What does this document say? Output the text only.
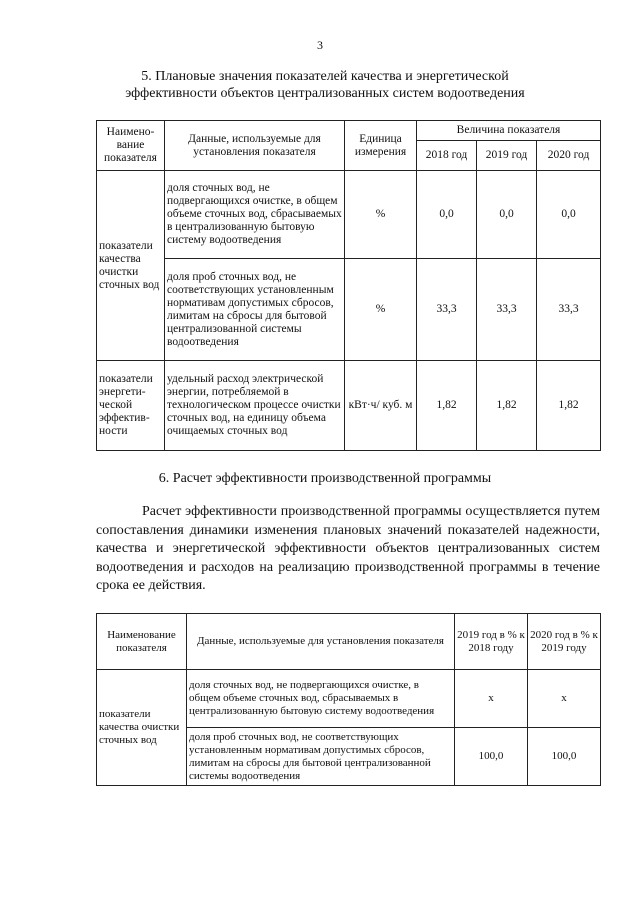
3
5. Плановые значения показателей качества и энергетической
эффективности объектов централизованных систем водоотведения
Наимено-вание показателя	Данные, используемые для установления показателя	Единица измерения	Величина показателя		
			2018 год	2019 год	2020 год
показатели качества очистки сточных вод	доля сточных вод, не подвергающихся очистке, в общем объеме сточных вод, сбрасываемых в централизованную бытовую систему водоотведения	%	0,0	0,0	0,0
	доля проб сточных вод, не соответствующих установленным нормативам допустимых сбросов, лимитам на сбросы для бытовой централизованной системы водоотведения	%	33,3	33,3	33,3
показатели энергети-ческой эффектив-ности	удельный расход электрической энергии, потребляемой в технологическом процессе очистки сточных вод, на единицу объема очищаемых сточных вод	кВт·ч/ куб. м	1,82	1,82	1,82
6. Расчет эффективности производственной программы
Расчет эффективности производственной программы осуществляется путем сопоставления динамики изменения плановых значений показателей надежности, качества и энергетической эффективности объектов централизованных систем водоотведения и расходов на реализацию производственной программы в течение срока ее действия.
Наименование показателя	Данные, используемые для установления показателя	2019 год в % к 2018 году	2020 год в % к 2019 году
показатели качества очистки сточных вод	доля сточных вод, не подвергающихся очистке, в общем объеме сточных вод, сбрасываемых в централизованную бытовую систему водоотведения	х	х
	доля проб сточных вод, не соответствующих установленным нормативам допустимых сбросов, лимитам на сбросы для бытовой централизованной системы водоотведения	100,0	100,0
